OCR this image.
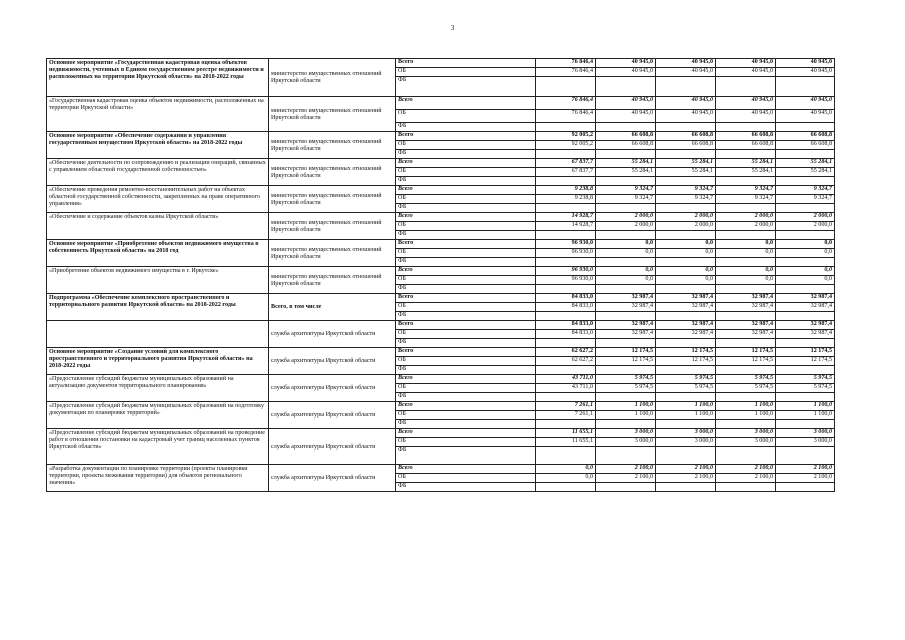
3
Основное мероприятие «Государственная кадастровая оценка объектов недвижимости, учтенных в Едином государственном реестре недвижимости и расположенных на территории Иркутской области» на 2018-2022 годы	министерство имущественных отношений Иркутской области	Всего	76 846,4	40 945,0	40 945,0	40 945,0	40 945,0
		ОБ	76 846,4	40 945,0	40 945,0	40 945,0	40 945,0
		ФБ					
«Государственная кадастровая оценка объектов недвижимости, расположенных на территории Иркутской области»	министерство имущественных отношений Иркутской области	Всего	76 846,4	40 945,0	40 945,0	40 945,0	40 945,0
		ОБ	76 846,4	40 945,0	40 945,0	40 945,0	40 945,0
		ФБ					
Основное мероприятие «Обеспечение содержания и управления государственным имуществом Иркутской области» на 2018-2022 годы	министерство имущественных отношений Иркутской области	Всего	92 005,2	66 608,8	66 608,8	66 608,8	66 608,8
		ОБ	92 005,2	66 608,8	66 608,8	66 608,8	66 608,8
		ФБ					
«Обеспечение деятельности по сопровождению и реализации операций, связанных с управлением областной государственной собственностью»	министерство имущественных отношений Иркутской области	Всего	67 837,7	55 284,1	55 284,1	55 284,1	55 284,1
		ОБ	67 837,7	55 284,1	55 284,1	55 284,1	55 284,1
		ФБ					
«Обеспечение проведения ремонтно-восстановительных работ на объектах областной государственной собственности, закрепленных на праве оперативного управления»	министерство имущественных отношений Иркутской области	Всего	9 238,8	9 324,7	9 324,7	9 324,7	9 324,7
		ОБ	9 238,8	9 324,7	9 324,7	9 324,7	9 324,7
		ФБ					
«Обеспечение и содержание объектов казны Иркутской области»	министерство имущественных отношений Иркутской области	Всего	14 928,7	2 000,0	2 000,0	2 000,0	2 000,0
		ОБ	14 928,7	2 000,0	2 000,0	2 000,0	2 000,0
		ФБ					
Основное мероприятие «Приобретение объектов недвижимого имущества в собственность Иркутской области» на 2018 год	министерство имущественных отношений Иркутской области	Всего	96 930,0	0,0	0,0	0,0	0,0
		ОБ	96 930,0	0,0	0,0	0,0	0,0
		ФБ					
«Приобретение объектов недвижимого имущества в г. Иркутске»	министерство имущественных отношений Иркутской области	Всего	96 930,0	0,0	0,0	0,0	0,0
		ОБ	96 930,0	0,0	0,0	0,0	0,0
		ФБ					
Подпрограмма «Обеспечение комплексного пространственного и территориального развития Иркутской области» на 2018-2022 годы	Всего, в том числе	Всего	84 833,0	32 987,4	32 987,4	32 987,4	32 987,4
		ОБ	84 833,0	32 987,4	32 987,4	32 987,4	32 987,4
		ФБ					
	служба архитектуры Иркутской области	Всего	84 833,0	32 987,4	32 987,4	32 987,4	32 987,4
		ОБ	84 833,0	32 987,4	32 987,4	32 987,4	32 987,4
		ФБ					
Основное мероприятие «Создание условий для комплексного пространственного и территориального развития Иркутской области» на 2018-2022 годы	служба архитектуры Иркутской области	Всего	62 627,2	12 174,5	12 174,5	12 174,5	12 174,5
		ОБ	62 627,2	12 174,5	12 174,5	12 174,5	12 174,5
		ФБ					
«Предоставление субсидий бюджетам муниципальных образований на актуализацию документов территориального планирования»	служба архитектуры Иркутской области	Всего	43 711,0	5 974,5	5 974,5	5 974,5	5 974,5
		ОБ	43 711,0	5 974,5	5 974,5	5 974,5	5 974,5
		ФБ					
«Предоставление субсидий бюджетам муниципальных образований на подготовку документации по планировке территорий»	служба архитектуры Иркутской области	Всего	7 261,1	1 100,0	1 100,0	1 100,0	1 100,0
		ОБ	7 261,1	1 100,0	1 100,0	1 100,0	1 100,0
		ФБ					
«Предоставление субсидий бюджетам муниципальных образований на проведение работ в отношении постановки на кадастровый учет границ населенных пунктов Иркутской области»	служба архитектуры Иркутской области	Всего	11 655,1	3 000,0	3 000,0	3 000,0	3 000,0
		ОБ	11 655,1	3 000,0	3 000,0	3 000,0	3 000,0
		ФБ					
«Разработка документации по планировке территории (проекты планировки территории, проекты межевания территории) для объектов регионального значения»	служба архитектуры Иркутской области	Всего	0,0	2 100,0	2 100,0	2 100,0	2 100,0
		ОБ	0,0	2 100,0	2 100,0	2 100,0	2 100,0
		ФБ					
